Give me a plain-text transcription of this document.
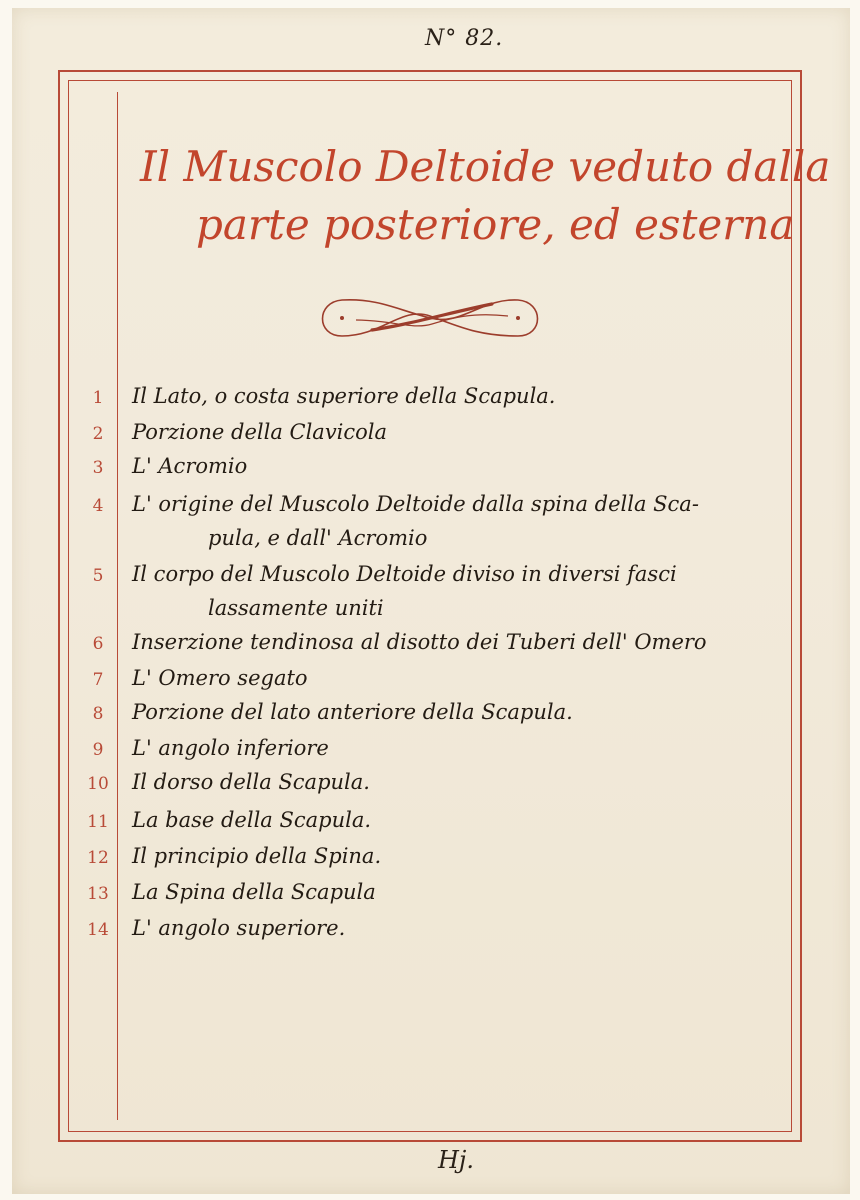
N° 82.
Il Muscolo Deltoide veduto dalla
parte posteriore, ed esterna
1	Il Lato, o costa superiore della Scapula.
2	Porzione della Clavicola
3	L' Acromio
4	L' origine del Muscolo Deltoide dalla spina della Sca-
pula, e dall' Acromio
5	Il corpo del Muscolo Deltoide diviso in diversi fasci
lassamente uniti
6	Inserzione tendinosa al disotto dei Tuberi dell' Omero
7	L' Omero segato
8	Porzione del lato anteriore della Scapula.
9	L' angolo inferiore
10 Il dorso della Scapula.
11 La base della Scapula.
12 Il principio della Spina.
13 La Spina della Scapula
14 L' angolo superiore.
Hj.
